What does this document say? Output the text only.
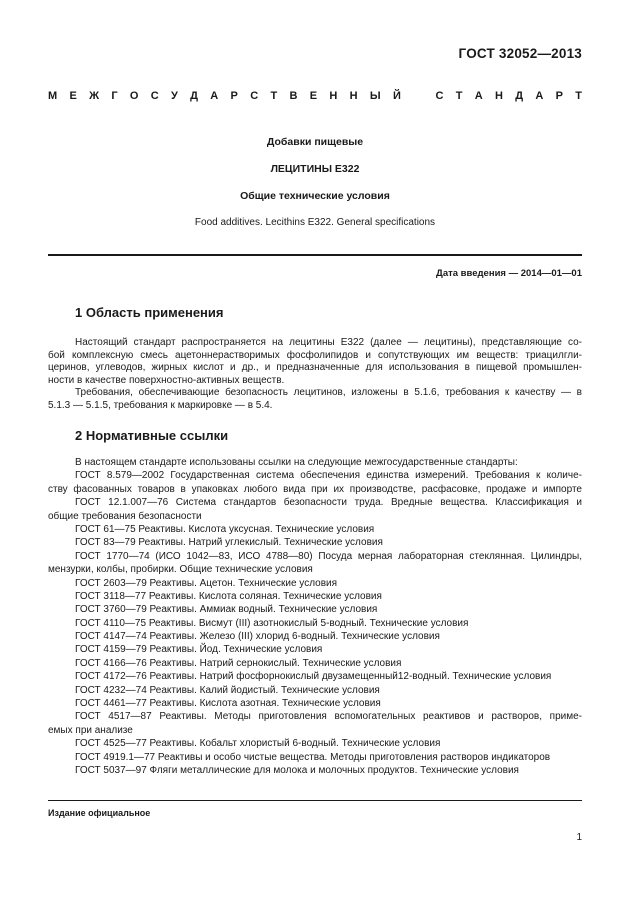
ГОСТ 32052—2013
М Е Ж Г О С У Д А Р С Т В Е Н Н Ы Й	С Т А Н Д А Р Т
Добавки пищевые
ЛЕЦИТИНЫ Е322
Общие технические условия
Food additives. Lecithins E322. General specifications
Дата введения — 2014—01—01
1 Область применения
Настоящий стандарт распространяется на лецитины Е322 (далее — лецитины), представляющие со-
бой комплексную смесь ацетоннерастворимых фосфолипидов и сопутствующих им веществ: триацилгли-
церинов, углеводов, жирных кислот и др., и предназначенные для использования в пищевой промышлен-
ности в качестве поверхностно-активных веществ.
Требования, обеспечивающие безопасность лецитинов, изложены в 5.1.6, требования к качеству — в
5.1.3 — 5.1.5, требования к маркировке — в 5.4.
2 Нормативные ссылки
В настоящем стандарте использованы ссылки на следующие межгосударственные стандарты:
ГОСТ 8.579—2002 Государственная система обеспечения единства измерений. Требования к количе-
ству фасованных товаров в упаковках любого вида при их производстве, расфасовке, продаже и импорте
ГОСТ 12.1.007—76 Система стандартов безопасности труда. Вредные вещества. Классификация и
общие требования безопасности
ГОСТ 61—75 Реактивы. Кислота уксусная. Технические условия
ГОСТ 83—79 Реактивы. Натрий углекислый. Технические условия
ГОСТ 1770—74 (ИСО 1042—83, ИСО 4788—80) Посуда мерная лабораторная стеклянная. Цилиндры,
мензурки, колбы, пробирки. Общие технические условия
ГОСТ 2603—79 Реактивы. Ацетон. Технические условия
ГОСТ 3118—77 Реактивы. Кислота соляная. Технические условия
ГОСТ 3760—79 Реактивы. Аммиак водный. Технические условия
ГОСТ 4110—75 Реактивы. Висмут (III) азотнокислый 5-водный. Технические условия
ГОСТ 4147—74 Реактивы. Железо (III) хлорид 6-водный. Технические условия
ГОСТ 4159—79 Реактивы. Йод. Технические условия
ГОСТ 4166—76 Реактивы. Натрий сернокислый. Технические условия
ГОСТ 4172—76 Реактивы. Натрий фосфорнокислый двузамещенный12-водный. Технические условия
ГОСТ 4232—74 Реактивы. Калий йодистый. Технические условия
ГОСТ 4461—77 Реактивы. Кислота азотная. Технические условия
ГОСТ 4517—87 Реактивы. Методы приготовления вспомогательных реактивов и растворов, приме-
емых при анализе
ГОСТ 4525—77 Реактивы. Кобальт хлористый 6-водный. Технические условия
ГОСТ 4919.1—77 Реактивы и особо чистые вещества. Методы приготовления растворов индикаторов
ГОСТ 5037—97 Фляги металлические для молока и молочных продуктов. Технические условия
Издание официальное
1
